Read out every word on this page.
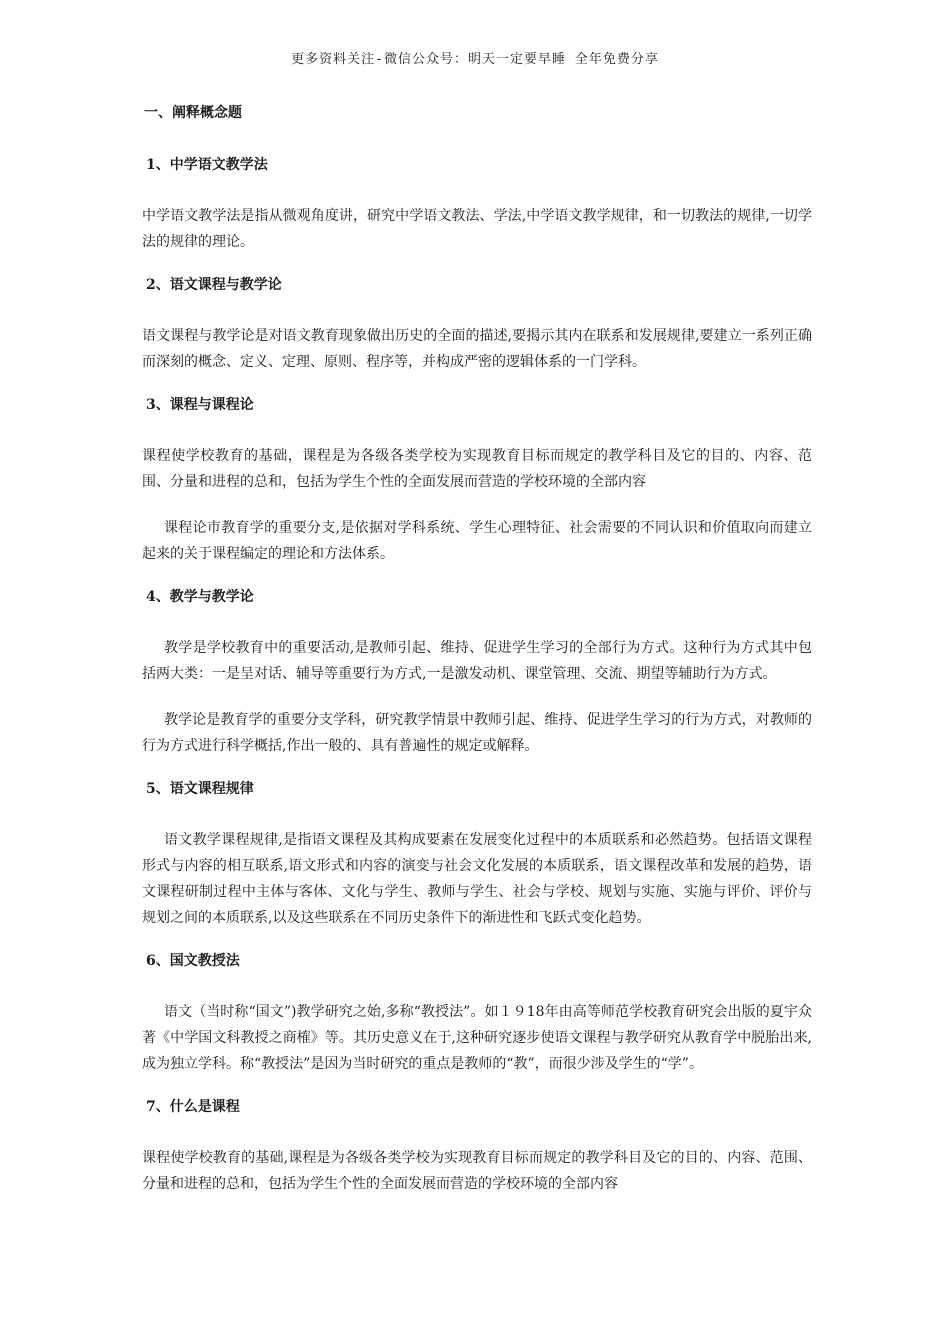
更多资料关注-微信公众号：明天一定要早睡 全年免费分享
一、阐释概念题
1、中学语文教学法

中学语文教学法是指从微观角度讲，研究中学语文教法、学法,中学语文教学规律，和一切教法的规律,一切学法的规律的理论。

2、语文课程与教学论

语文课程与教学论是对语文教育现象做出历史的全面的描述,要揭示其内在联系和发展规律,要建立一系列正确而深刻的概念、定义、定理、原则、程序等，并构成严密的逻辑体系的一门学科。

3、课程与课程论

课程使学校教育的基础，课程是为各级各类学校为实现教育目标而规定的教学科目及它的目的、内容、范围、分量和进程的总和，包括为学生个性的全面发展而营造的学校环境的全部内容

课程论市教育学的重要分支,是依据对学科系统、学生心理特征、社会需要的不同认识和价值取向而建立起来的关于课程编定的理论和方法体系。

4、教学与教学论

教学是学校教育中的重要活动,是教师引起、维持、促进学生学习的全部行为方式。这种行为方式其中包括两大类：一是呈对话、辅导等重要行为方式,一是激发动机、课堂管理、交流、期望等辅助行为方式。

教学论是教育学的重要分支学科，研究教学情景中教师引起、维持、促进学生学习的行为方式，对教师的行为方式进行科学概括,作出一般的、具有普遍性的规定或解释。

5、语文课程规律

语文教学课程规律,是指语文课程及其构成要素在发展变化过程中的本质联系和必然趋势。包括语文课程形式与内容的相互联系,语文形式和内容的演变与社会文化发展的本质联系，语文课程改革和发展的趋势，语文课程研制过程中主体与客体、文化与学生、教师与学生、社会与学校、规划与实施、实施与评价、评价与规划之间的本质联系,以及这些联系在不同历史条件下的渐进性和飞跃式变化趋势。

6、国文教授法

语文（当时称“国文”)教学研究之始,多称“教授法”。如１９18年由高等师范学校教育研究会出版的夏宇众著《中学国文科教授之商榷》等。其历史意义在于,这种研究逐步使语文课程与教学研究从教育学中脱胎出来,成为独立学科。称“教授法”是因为当时研究的重点是教师的“教”，而很少涉及学生的“学”。

7、什么是课程

课程使学校教育的基础,课程是为各级各类学校为实现教育目标而规定的教学科目及它的目的、内容、范围、分量和进程的总和，包括为学生个性的全面发展而营造的学校环境的全部内容
